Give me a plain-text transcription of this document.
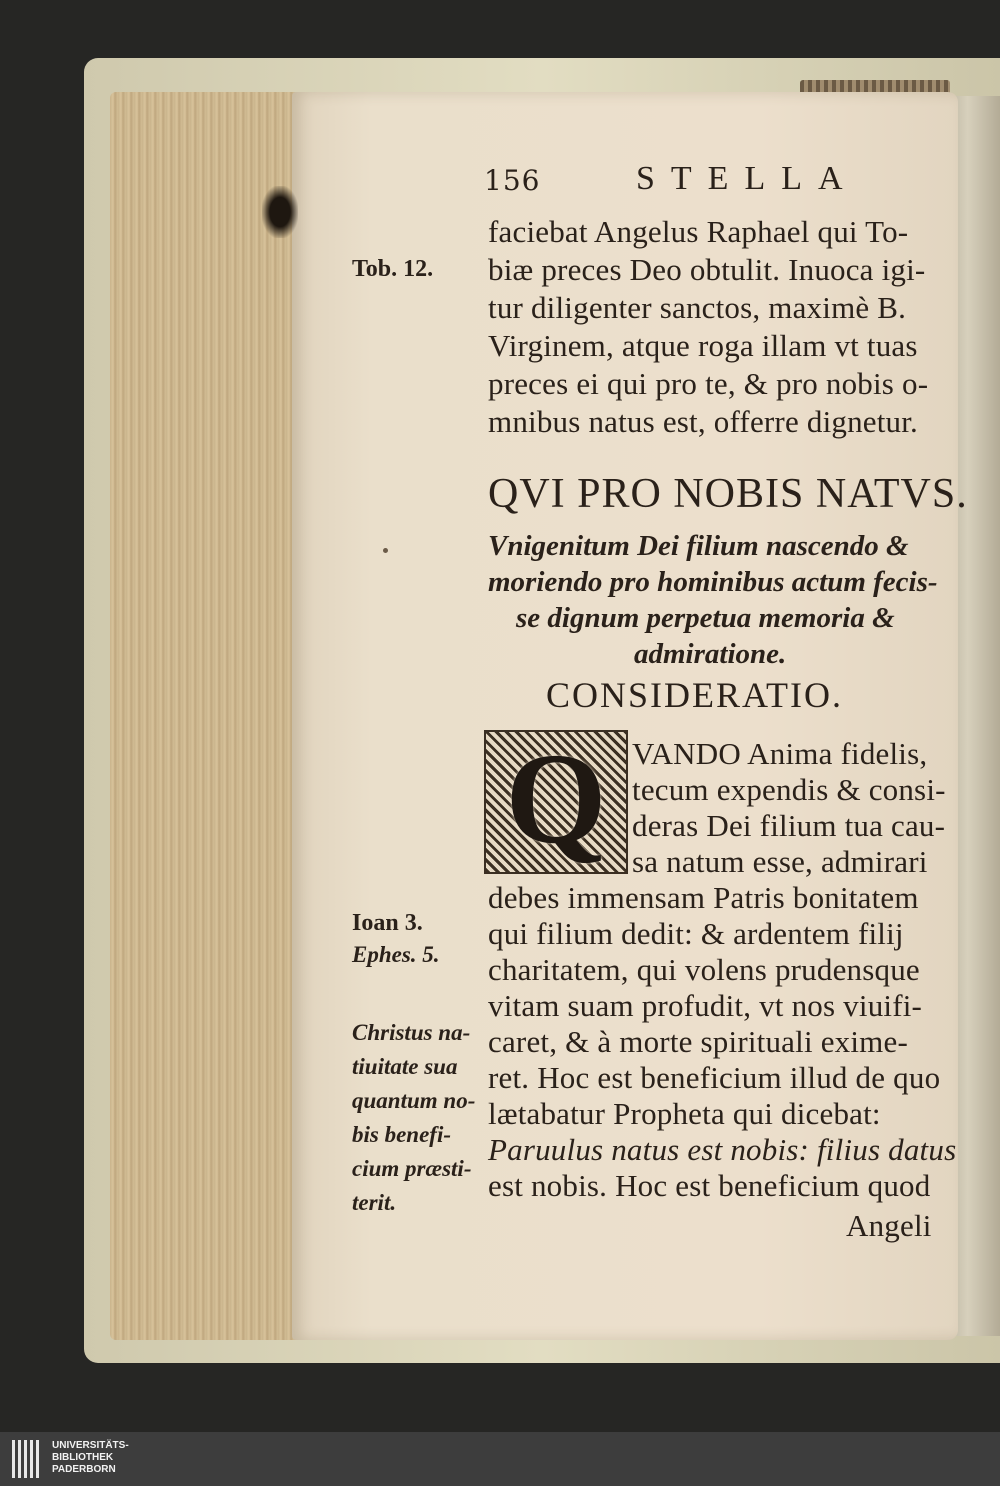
156	STELLA
faciebat Angelus Raphael qui To-
biæ preces Deo obtulit. Inuoca igi-
tur diligenter sanctos, maximè B.
Virginem, atque roga illam vt tuas
preces ei qui pro te, & pro nobis o-
mnibus natus est, offerre dignetur.
QVI PRO NOBIS NATVS.
Vnigenitum Dei filium nascendo &
moriendo pro hominibus actum fecis-
se dignum perpetua memoria &
admiratione.
CONSIDERATIO.
Q VANDO Anima fidelis,
tecum expendis & consi-
deras Dei filium tua cau-
sa natum esse, admirari
debes immensam Patris bonitatem
qui filium dedit: & ardentem filij
charitatem, qui volens prudensque
vitam suam profudit, vt nos viuifi-
caret, & à morte spirituali exime-
ret. Hoc est beneficium illud de quo
lætabatur Propheta qui dicebat:
Paruulus natus est nobis: filius datus
est nobis. Hoc est beneficium quod
Angeli
Tob. 12.
Ioan 3.
Ephes. 5.
Christus na-
tiuitate sua
quantum no-
bis benefi-
cium præsti-
terit.
UNIVERSITÄTS-
BIBLIOTHEK
PADERBORN
